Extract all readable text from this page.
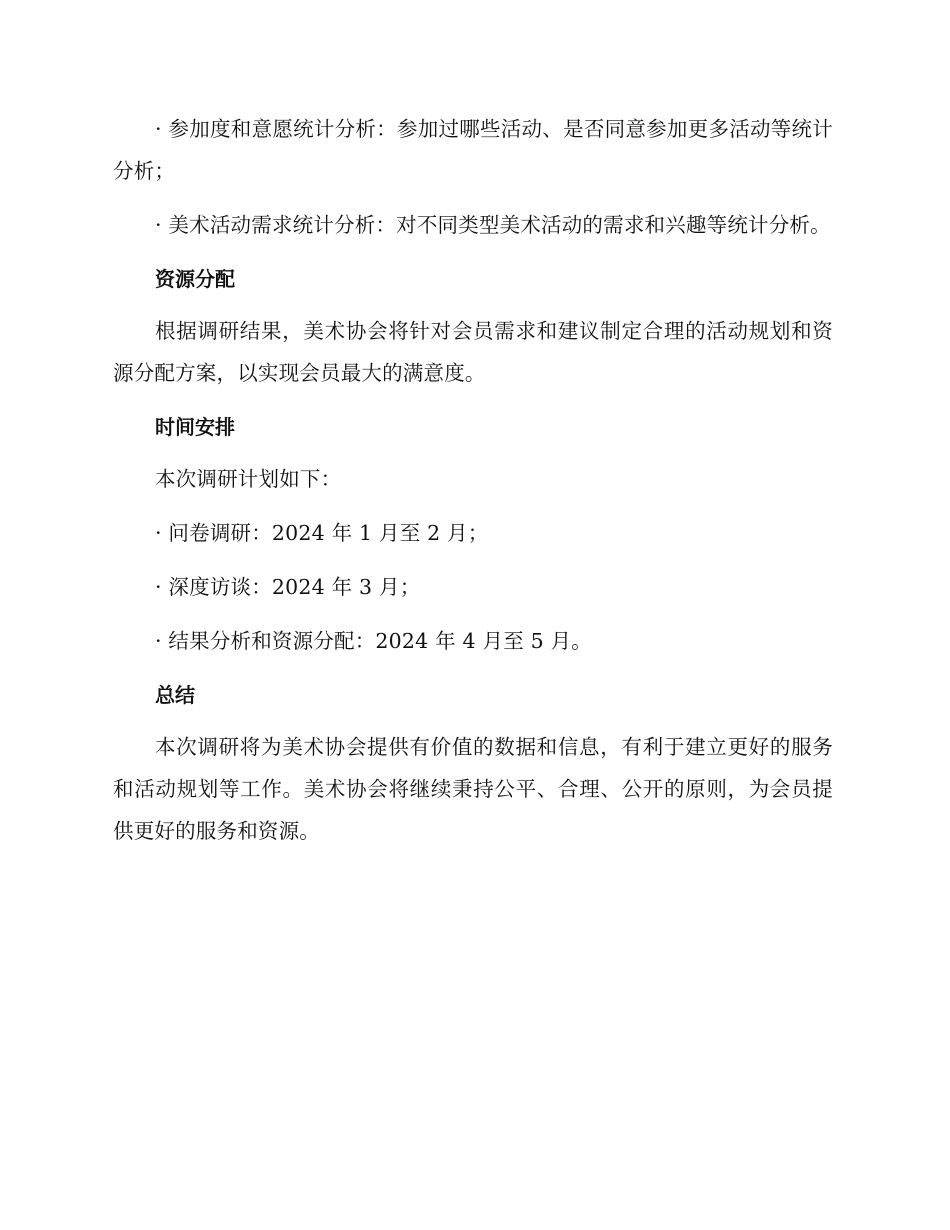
· 参加度和意愿统计分析：参加过哪些活动、是否同意参加更多活动等统计分析；

· 美术活动需求统计分析：对不同类型美术活动的需求和兴趣等统计分析。

资源分配

根据调研结果，美术协会将针对会员需求和建议制定合理的活动规划和资源分配方案，以实现会员最大的满意度。

时间安排

本次调研计划如下：

· 问卷调研：2024 年 1 月至 2 月；

· 深度访谈：2024 年 3 月；

· 结果分析和资源分配：2024 年 4 月至 5 月。

总结

本次调研将为美术协会提供有价值的数据和信息，有利于建立更好的服务和活动规划等工作。美术协会将继续秉持公平、合理、公开的原则，为会员提供更好的服务和资源。
